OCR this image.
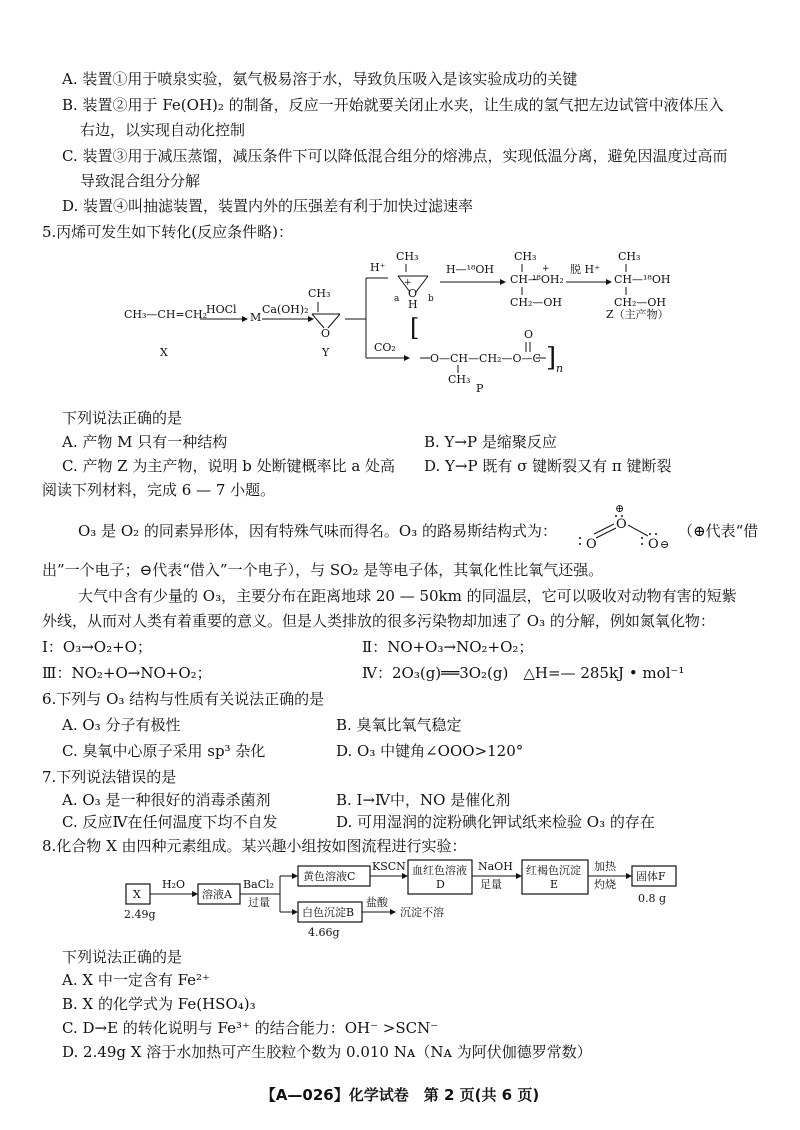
A. 装置①用于喷泉实验，氨气极易溶于水，导致负压吸入是该实验成功的关键
B. 装置②用于 Fe(OH)₂ 的制备，反应一开始就要关闭止水夹，让生成的氢气把左边试管中液体压入
右边，以实现自动化控制
C. 装置③用于减压蒸馏，减压条件下可以降低混合组分的熔沸点，实现低温分离，避免因温度过高而
导致混合组分分解
D. 装置④叫抽滤装置，装置内外的压强差有利于加快过滤速率
5.丙烯可发生如下转化(反应条件略)：
CH₃—CH=CH₂
X
HOCl
M
Ca(OH)₂
CH₃
O
Y
H⁺
CO₂
CH₃
+
O
H
a	b
H—¹⁸OH
CH₃
CH—
¹⁸OH₂
+
CH₂—OH
脱 H⁺
CH₃
CH—¹⁸OH
CH₂—OH
Z（主产物）
[
O—CH—CH₂—O—C
O
] n
CH₃
P
下列说法正确的是
A. 产物 M 只有一种结构	B. Y→P 是缩聚反应
C. 产物 Z 为主产物，说明 b 处断键概率比 a 处高 D. Y→P 既有 σ 键断裂又有 π 键断裂
阅读下列材料，完成 6 — 7 小题。
O₃ 是 O₂ 的同素异形体，因有特殊气味而得名。O₃ 的路易斯结构式为：
⊕
O
O	O ⊖
（⊕代表“借
出”一个电子；⊖代表“借入”一个电子），与 SO₂ 是等电子体，其氧化性比氧气还强。
大气中含有少量的 O₃，主要分布在距离地球 20 — 50km 的同温层，它可以吸收对动物有害的短紫
外线，从而对人类有着重要的意义。但是人类排放的很多污染物却加速了 O₃ 的分解，例如氮氧化物：
Ⅰ：O₃→O₂+O；	Ⅱ：NO+O₃→NO₂+O₂；
Ⅲ：NO₂+O→NO+O₂；	Ⅳ：2O₃(g)══3O₂(g)　△H=— 285kJ • mol⁻¹
6.下列与 O₃ 结构与性质有关说法正确的是
A. O₃ 分子有极性	B. 臭氧比氧气稳定
C. 臭氧中心原子采用 sp³ 杂化	D. O₃ 中键角∠OOO>120°
7.下列说法错误的是
A. O₃ 是一种很好的消毒杀菌剂	B. Ⅰ→Ⅳ中，NO 是催化剂
C. 反应Ⅳ在任何温度下均不自发	D. 可用湿润的淀粉碘化钾试纸来检验 O₃ 的存在
8.化合物 X 由四种元素组成。某兴趣小组按如图流程进行实验：
X
2.49g
H₂O
溶液A
BaCl₂
过量
黄色溶液C
白色沉淀B
4.66g
KSCN 血红色溶液
D
NaOH
足量
红褐色沉淀
E
加热
灼烧
固体F
0.8 g
盐酸
沉淀不溶
下列说法正确的是
A. X 中一定含有 Fe²⁺
B. X 的化学式为 Fe(HSO₄)₃
C. D→E 的转化说明与 Fe³⁺ 的结合能力：OH⁻ >SCN⁻
D. 2.49g X 溶于水加热可产生胶粒个数为 0.010 Nᴀ（Nᴀ 为阿伏伽德罗常数）
【A—026】化学试卷　第 2 页(共 6 页)
